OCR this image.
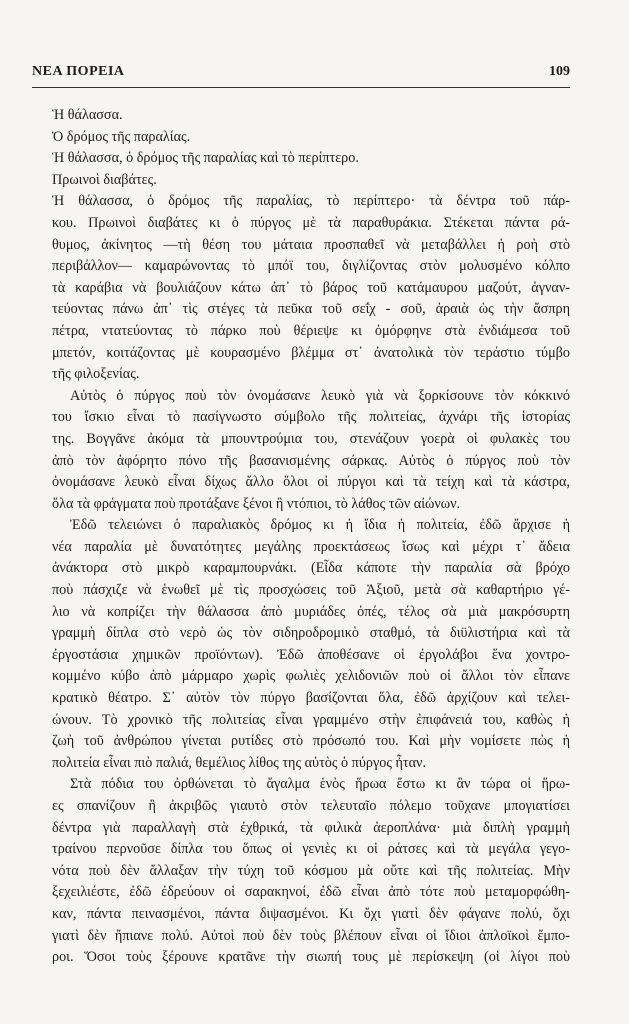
ΝΕΑ ΠΟΡΕΙΑ	109
Ἡ θάλασσα.
Ὁ δρόμος τῆς παραλίας.
Ἡ θάλασσα, ὁ δρόμος τῆς παραλίας καὶ τὸ περίπτερο.
Πρωινοὶ διαβάτες.
Ἡ θάλασσα, ὁ δρόμος τῆς παραλίας, τὸ περίπτερο· τὰ δέντρα τοῦ πάρ-
κου. Πρωινοὶ διαβάτες κι ὁ πύργος μὲ τὰ παραθυράκια. Στέκεται πάντα ρά-
θυμος, ἀκίνητος —τὴ θέση του μάταια προσπαθεῖ νὰ μεταβάλλει ἡ ροὴ στὸ
περιβάλλον— καμαρώνοντας τὸ μπόϊ του, διγλίζοντας στὸν μολυσμένο κόλπο
τὰ καράβια νὰ βουλιάζουν κάτω ἀπ᾽ τὸ βάρος τοῦ κατάμαυρου μαζούτ, ἀγναν-
τεύοντας πάνω ἀπ᾽ τὶς στέγες τὰ πεῦκα τοῦ σεΐχ - σοῦ, ἀραιὰ ὡς τὴν ἄσπρη
πέτρα, ντατεύοντας τὸ πάρκο ποὺ θέριεψε κι ὀμόρφηνε στὰ ἐνδιάμεσα τοῦ
μπετόν, κοιτάζοντας μὲ κουρασμένο βλέμμα στ᾽ ἀνατολικὰ τὸν τεράστιο τύμβο
τῆς φιλοξενίας.
Αὐτὸς ὁ πύργος ποὺ τὸν ὀνομάσανε λευκὸ γιὰ νὰ ξορκίσουνε τὸν κόκκινό
του ἴσκιο εἶναι τὸ πασίγνωστο σύμβολο τῆς πολιτείας, ἀχνάρι τῆς ἱστορίας
της. Βογγᾶνε ἀκόμα τὰ μπουντρούμια του, στενάζουν γοερὰ οἱ φυλακὲς του
ἀπὸ τὸν ἀφόρητο πόνο τῆς βασανισμένης σάρκας. Αὐτὸς ὁ πύργος ποὺ τὸν
ὀνομάσανε λευκὸ εἶναι δίχως ἄλλο ὅλοι οἱ πύργοι καὶ τὰ τείχη καὶ τὰ κάστρα,
ὅλα τὰ φράγματα ποὺ προτάξανε ξένοι ἢ ντόπιοι, τὸ λάθος τῶν αἰώνων.
Ἐδῶ τελειώνει ὁ παραλιακὸς δρόμος κι ἡ ἴδια ἡ πολιτεία, ἐδῶ ἄρχισε ἡ
νέα παραλία μὲ δυνατότητες μεγάλης προεκτάσεως ἴσως καὶ μέχρι τ᾽ ἄδεια
ἀνάκτορα στὸ μικρὸ καραμπουρνάκι. (Εἶδα κάποτε τὴν παραλία σὰ βρόχο
ποὺ πάσχιζε νὰ ἑνωθεῖ μὲ τὶς προσχώσεις τοῦ Ἀξιοῦ, μετὰ σὰ καθαρτήριο γέ-
λιο νὰ κοπρίζει τὴν θάλασσα ἀπὸ μυριάδες ὀπές, τέλος σὰ μιὰ μακρόσυρτη
γραμμὴ δίπλα στὸ νερὸ ὡς τὸν σιδηροδρομικὸ σταθμό, τὰ διϋλιστήρια καὶ τὰ
ἐργοστάσια χημικῶν προϊόντων). Ἐδῶ ἀποθέσανε οἱ ἐργολάβοι ἕνα χοντρο-
κομμένο κύβο ἀπὸ μάρμαρο χωρὶς φωλιὲς χελιδονιῶν ποὺ οἱ ἄλλοι τὸν εἶπανε
κρατικὸ θέατρο. Σ᾽ αὐτὸν τὸν πύργο βασίζονται ὅλα, ἐδῶ ἀρχίζουν καὶ τελει-
ώνουν. Τὸ χρονικὸ τῆς πολιτείας εἶναι γραμμένο στὴν ἐπιφάνειά του, καθὼς ἡ
ζωὴ τοῦ ἀνθρώπου γίνεται ρυτίδες στὸ πρόσωπό του. Καὶ μὴν νομίσετε πὼς ἡ
πολιτεία εἶναι πιὸ παλιά, θεμέλιος λίθος της αὐτὸς ὁ πύργος ἦταν.
Στὰ πόδια του ὀρθώνεται τὸ ἄγαλμα ἑνὸς ἥρωα ἔστω κι ἂν τώρα οἱ ἥρω-
ες σπανίζουν ἢ ἀκριβῶς γιαυτὸ στὸν τελευταῖο πόλεμο τοῦχανε μπογιατίσει
δέντρα γιὰ παραλλαγὴ στὰ ἐχθρικά, τὰ φιλικὰ ἀεροπλάνα· μιὰ διπλὴ γραμμὴ
τραίνου περνοῦσε δίπλα του ὅπως οἱ γενιὲς κι οἱ ράτσες καὶ τὰ μεγάλα γεγο-
νότα ποὺ δὲν ἄλλαξαν τὴν τύχη τοῦ κόσμου μὰ οὔτε καὶ τῆς πολιτείας. Μὴν
ξεχειλιέστε, ἐδῶ ἐδρεύουν οἱ σαρακηνοί, ἐδῶ εἶναι ἀπὸ τότε ποὺ μεταμορφώθη-
καν, πάντα πεινασμένοι, πάντα διψασμένοι. Κι ὄχι γιατὶ δὲν φάγανε πολύ, ὄχι
γιατὶ δὲν ἤπιανε πολύ. Αὐτοὶ ποὺ δὲν τοὺς βλέπουν εἶναι οἱ ἴδιοι ἀπλοϊκοὶ ἔμπο-
ροι. Ὅσοι τοὺς ξέρουνε κρατᾶνε τὴν σιωπή τους μὲ περίσκεψη (οἱ λίγοι ποὺ
